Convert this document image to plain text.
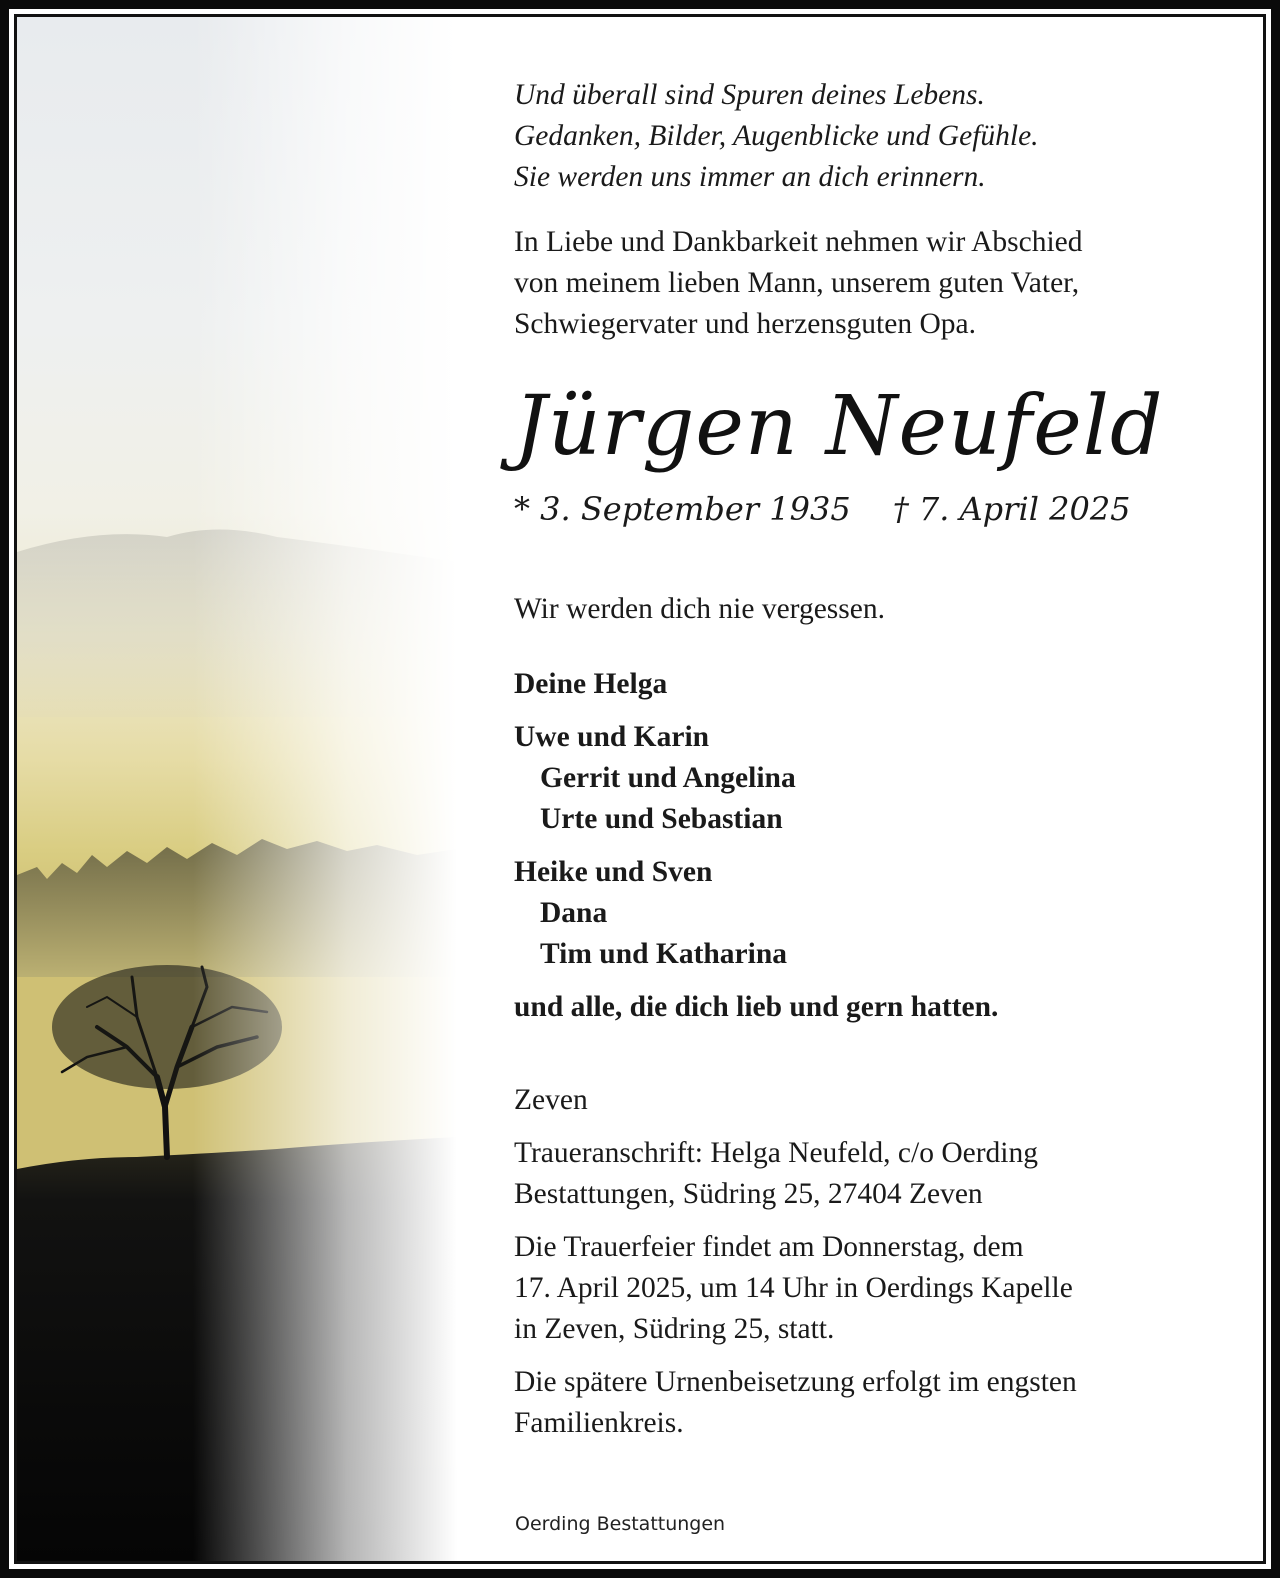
Und überall sind Spuren deines Lebens.
Gedanken, Bilder, Augenblicke und Gefühle.
Sie werden uns immer an dich erinnern.
In Liebe und Dankbarkeit nehmen wir Abschied
von meinem lieben Mann, unserem guten Vater,
Schwiegervater und herzensguten Opa.
Jürgen Neufeld
* 3. September 1935 † 7. April 2025
Wir werden dich nie vergessen.
Deine Helga
Uwe und Karin
Gerrit und Angelina
Urte und Sebastian
Heike und Sven
Dana
Tim und Katharina
und alle, die dich lieb und gern hatten.
Zeven

Traueranschrift: Helga Neufeld, c/o Oerding
Bestattungen, Südring 25, 27404 Zeven

Die Trauerfeier findet am Donnerstag, dem
17. April 2025, um 14 Uhr in Oerdings Kapelle
in Zeven, Südring 25, statt.

Die spätere Urnenbeisetzung erfolgt im engsten
Familienkreis.

Oerding Bestattungen
